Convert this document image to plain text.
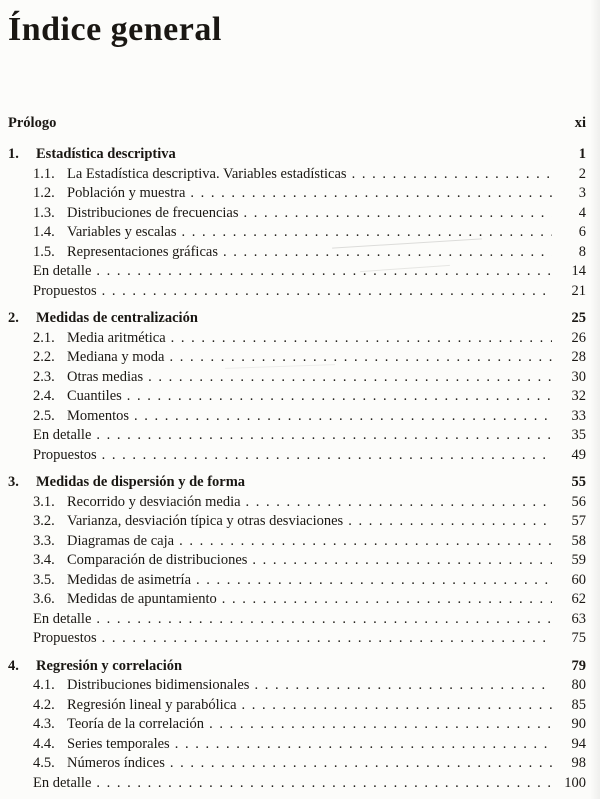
Índice general
Prólogo	xi
1.	Estadística descriptiva	1
1.1. La Estadística descriptiva. Variables estadísticas . . .	2
1.2. Población y muestra . . .	3
1.3. Distribuciones de frecuencias . . .	4
1.4. Variables y escalas . . .	6
1.5. Representaciones gráficas . . .	8
En detalle . . .	14
Propuestos . . .	21
2.	Medidas de centralización	25
2.1. Media aritmética . . .	26
2.2. Mediana y moda . . .	28
2.3. Otras medias . . .	30
2.4. Cuantiles . . .	32
2.5. Momentos . . .	33
En detalle . . .	35
Propuestos . . .	49
3.	Medidas de dispersión y de forma	55
3.1. Recorrido y desviación media . . .	56
3.2. Varianza, desviación típica y otras desviaciones . . .	57
3.3. Diagramas de caja . . .	58
3.4. Comparación de distribuciones . . .	59
3.5. Medidas de asimetría . . .	60
3.6. Medidas de apuntamiento . . .	62
En detalle . . .	63
Propuestos . . .	75
4.	Regresión y correlación	79
4.1. Distribuciones bidimensionales . . .	80
4.2. Regresión lineal y parabólica . . .	85
4.3. Teoría de la correlación . . .	90
4.4. Series temporales . . .	94
4.5. Números índices . . .	98
En detalle . . .	100
